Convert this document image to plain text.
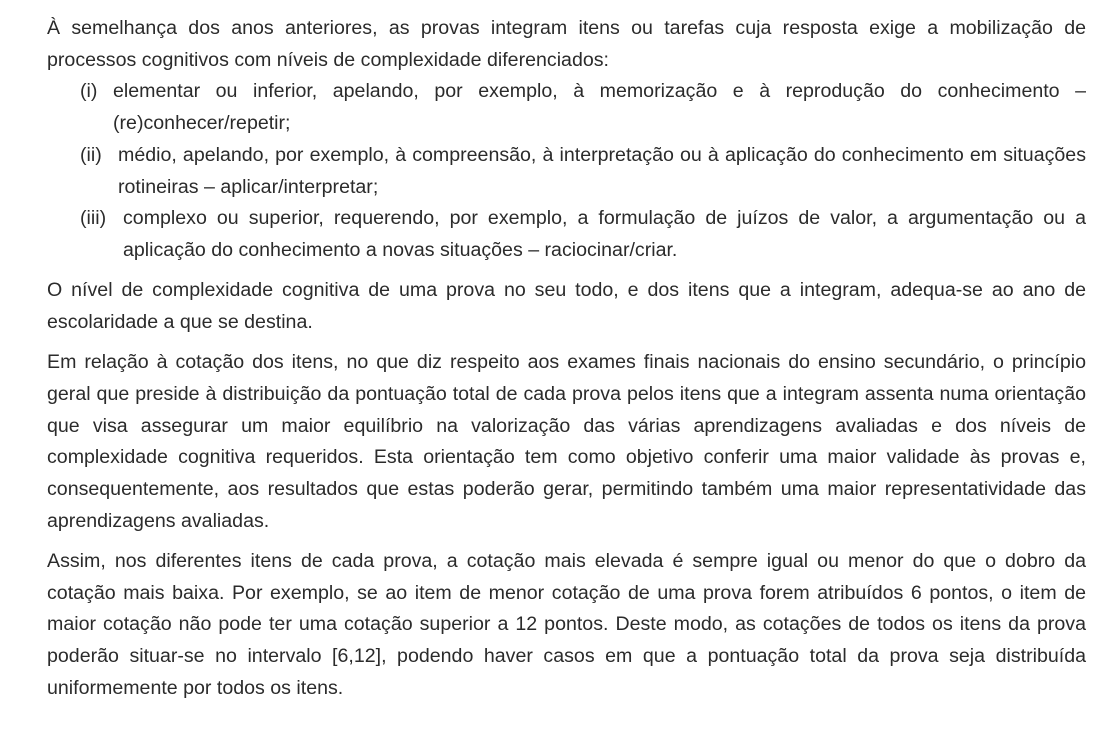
À semelhança dos anos anteriores, as provas integram itens ou tarefas cuja resposta exige a mobilização de processos cognitivos com níveis de complexidade diferenciados:

(i) elementar ou inferior, apelando, por exemplo, à memorização e à reprodução do conhecimento – (re)conhecer/repetir;
(ii) médio, apelando, por exemplo, à compreensão, à interpretação ou à aplicação do conhecimento em situações rotineiras – aplicar/interpretar;
(iii) complexo ou superior, requerendo, por exemplo, a formulação de juízos de valor, a argumentação ou a aplicação do conhecimento a novas situações – raciocinar/criar.

O nível de complexidade cognitiva de uma prova no seu todo, e dos itens que a integram, adequa-se ao ano de escolaridade a que se destina.

Em relação à cotação dos itens, no que diz respeito aos exames finais nacionais do ensino secundário, o princípio geral que preside à distribuição da pontuação total de cada prova pelos itens que a integram assenta numa orientação que visa assegurar um maior equilíbrio na valorização das várias aprendizagens avaliadas e dos níveis de complexidade cognitiva requeridos. Esta orientação tem como objetivo conferir uma maior validade às provas e, consequentemente, aos resultados que estas poderão gerar, permitindo também uma maior representatividade das aprendizagens avaliadas.

Assim, nos diferentes itens de cada prova, a cotação mais elevada é sempre igual ou menor do que o dobro da cotação mais baixa. Por exemplo, se ao item de menor cotação de uma prova forem atribuídos 6 pontos, o item de maior cotação não pode ter uma cotação superior a 12 pontos. Deste modo, as cotações de todos os itens da prova poderão situar-se no intervalo [6,12], podendo haver casos em que a pontuação total da prova seja distribuída uniformemente por todos os itens.
